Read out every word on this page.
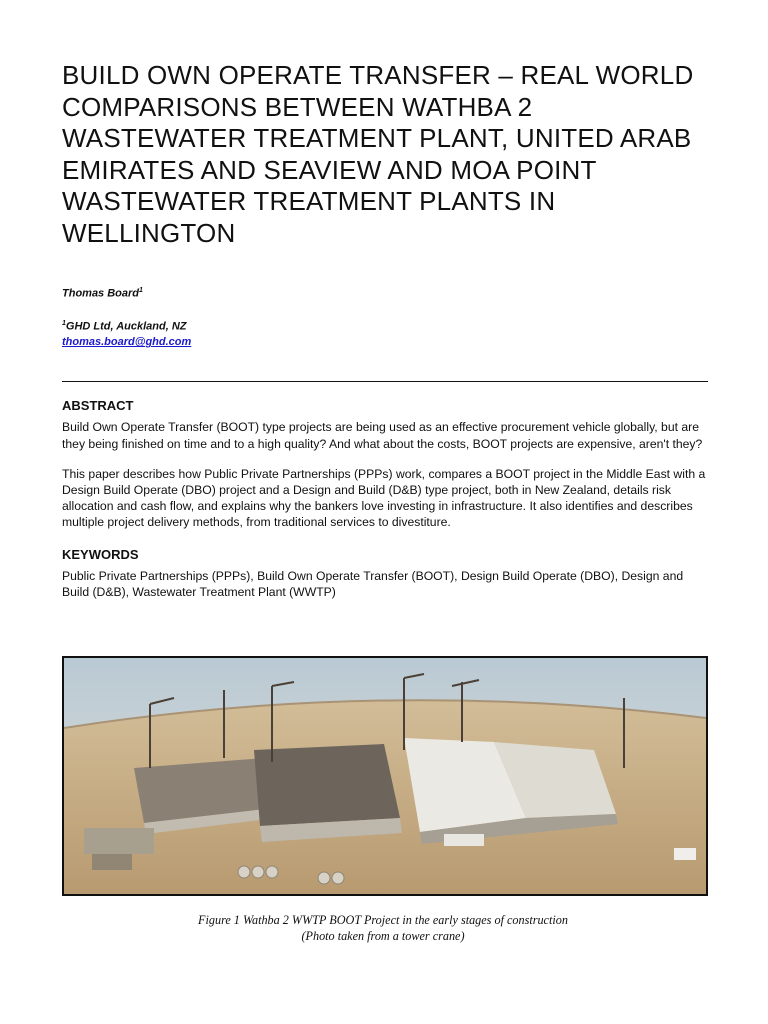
BUILD OWN OPERATE TRANSFER – REAL WORLD COMPARISONS BETWEEN WATHBA 2 WASTEWATER TREATMENT PLANT, UNITED ARAB EMIRATES AND SEAVIEW AND MOA POINT WASTEWATER TREATMENT PLANTS IN WELLINGTON
Thomas Board$^1$
$^1$GHD Ltd, Auckland, NZ
thomas.board@ghd.com
ABSTRACT

Build Own Operate Transfer (BOOT) type projects are being used as an effective procurement vehicle globally, but are they being finished on time and to a high quality? And what about the costs, BOOT projects are expensive, aren't they?

This paper describes how Public Private Partnerships (PPPs) work, compares a BOOT project in the Middle East with a Design Build Operate (DBO) project and a Design and Build (D&B) type project, both in New Zealand, details risk allocation and cash flow, and explains why the bankers love investing in infrastructure. It also identifies and describes multiple project delivery methods, from traditional services to divestiture.

KEYWORDS

Public Private Partnerships (PPPs), Build Own Operate Transfer (BOOT), Design Build Operate (DBO), Design and Build (D&B), Wastewater Treatment Plant (WWTP)

Figure 1 Wathba 2 WWTP BOOT Project in the early stages of construction
(Photo taken from a tower crane)
